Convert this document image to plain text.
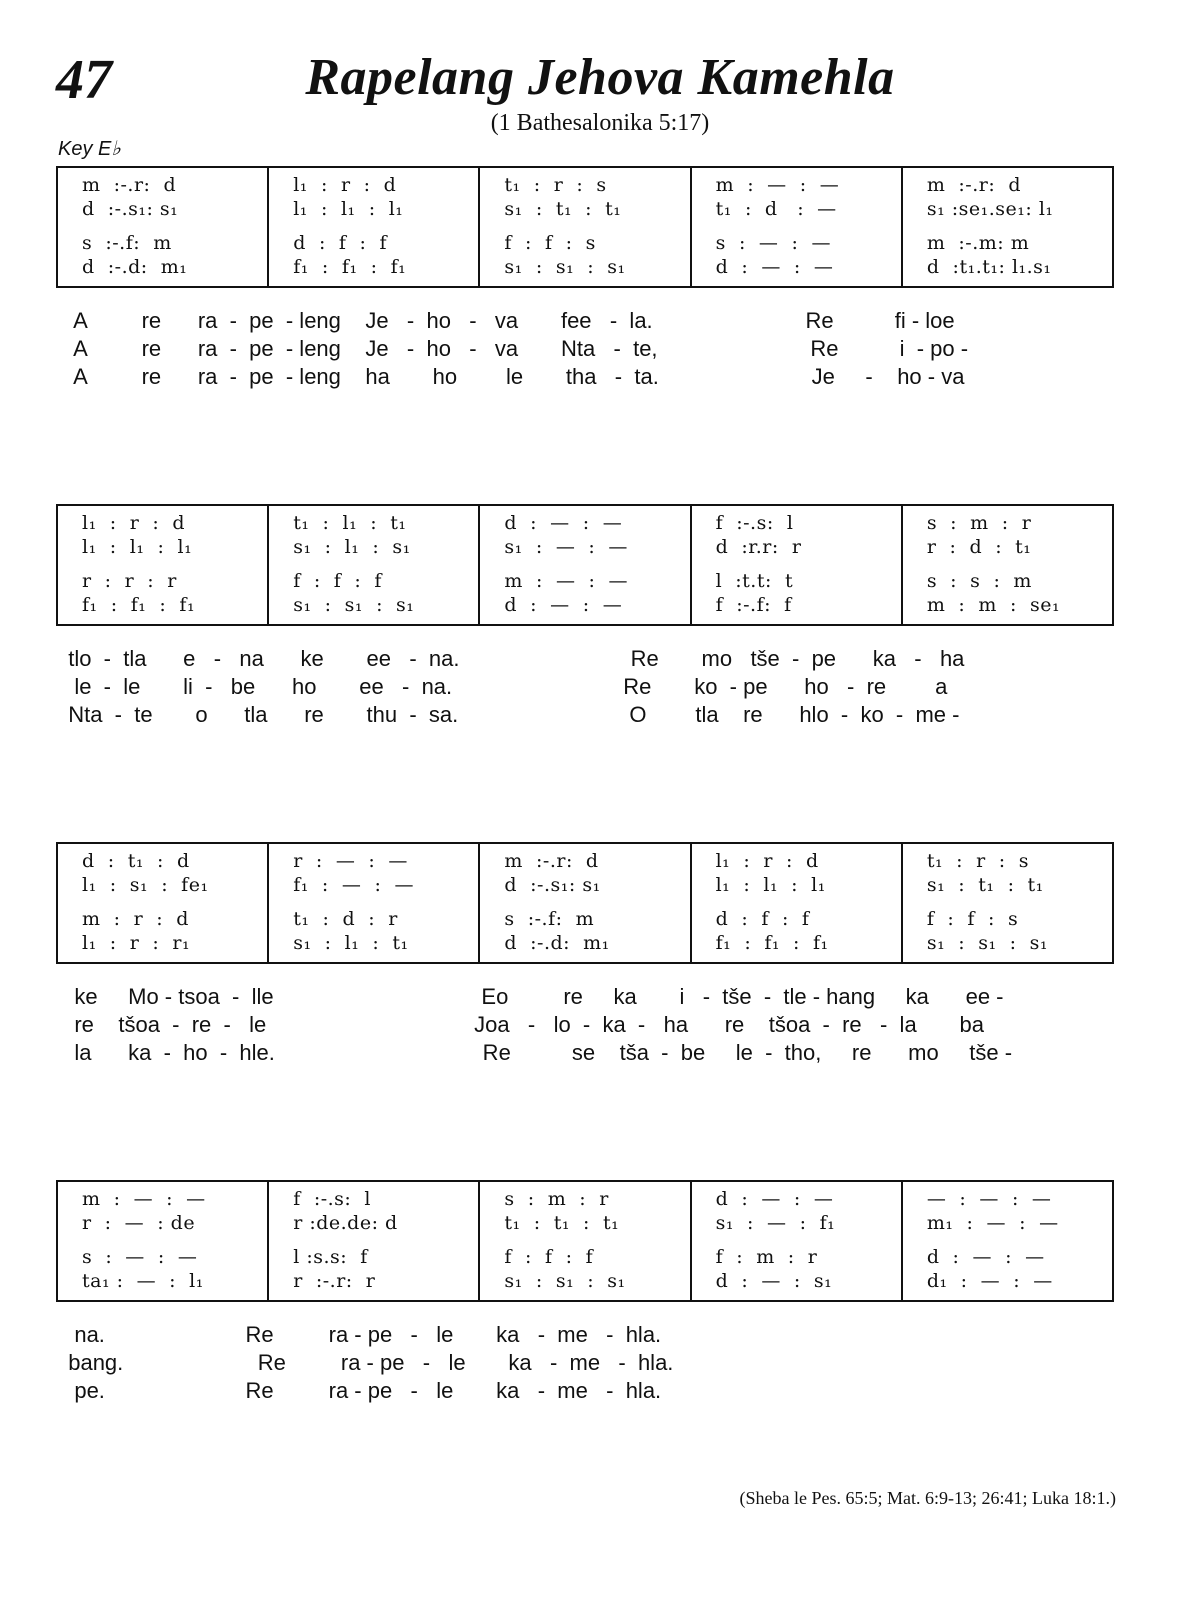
47	Rapelang Jehova Kamehla
(1 Bathesalonika 5:17)
Key E♭
m  :-.r:  d
d  :-.s₁: s₁
s  :-.f:  m
d  :-.d:  m₁
l₁  :  r  :  d
l₁  :  l₁  :  l₁
d  :  f  :  f
f₁  :  f₁  :  f₁
t₁  :  r  :  s
s₁  :  t₁  :  t₁
f  :  f  :  s
s₁  :  s₁  :  s₁
m  :  —  :  —
t₁  :  d   :  —
s  :  —  :  —
d  :  —  :  —
m  :-.r:  d
s₁ :se₁.se₁: l₁
m  :-.m: m
d  :t₁.t₁: l₁.s₁
A         re      ra  -  pe  - leng    Je   -  ho   -   va       fee   -  la.                         Re          fi - loe
A         re      ra  -  pe  - leng    Je   -  ho   -   va       Nta   -  te,                         Re          i  - po -
A         re      ra  -  pe  - leng    ha       ho        le       tha   -  ta.                         Je     -    ho - va
l₁  :  r  :  d
l₁  :  l₁  :  l₁
r  :  r  :  r
f₁  :  f₁  :  f₁
t₁  :  l₁  :  t₁
s₁  :  l₁  :  s₁
f  :  f  :  f
s₁  :  s₁  :  s₁
d  :  —  :  —
s₁  :  —  :  —
m  :  —  :  —
d  :  —  :  —
f  :-.s:  l
d  :r.r:  r
l  :t.t:  t
f  :-.f:  f
s  :  m  :  r
r  :  d  :  t₁
s  :  s  :  m
m  :  m  :  se₁
tlo  -  tla      e   -   na      ke       ee   -  na.                            Re       mo   tše  -  pe      ka   -   ha
le  -  le       li  -   be      ho       ee   -  na.                            Re       ko  - pe      ho   -  re        a
Nta  -  te       o      tla      re       thu  -  sa.                            O        tla    re      hlo  -  ko  -  me -
d  :  t₁  :  d
l₁  :  s₁  :  fe₁
m  :  r  :  d
l₁  :  r  :  r₁
r  :  —  :  —
f₁  :  —  :  —
t₁  :  d  :  r
s₁  :  l₁  :  t₁
m  :-.r:  d
d  :-.s₁: s₁
s  :-.f:  m
d  :-.d:  m₁
l₁  :  r  :  d
l₁  :  l₁  :  l₁
d  :  f  :  f
f₁  :  f₁  :  f₁
t₁  :  r  :  s
s₁  :  t₁  :  t₁
f  :  f  :  s
s₁  :  s₁  :  s₁
ke     Mo - tsoa  -  lle                                  Eo         re     ka       i   -  tše  -  tle - hang     ka      ee -
re    tšoa  -  re  -   le                                  Joa   -   lo  -  ka  -   ha      re    tšoa  -  re   -  la       ba
la      ka  -  ho  -  hle.                                  Re          se    tša  -  be     le  -  tho,     re      mo     tše -
m  :  —  :  —
r  :  —  : de
s  :  —  :  —
ta₁ :  —  :  l₁
f  :-.s:  l
r :de.de: d
l :s.s:  f
r  :-.r:  r
s  :  m  :  r
t₁  :  t₁  :  t₁
f  :  f  :  f
s₁  :  s₁  :  s₁
d  :  —  :  —
s₁  :  —  :  f₁
f  :  m  :  r
d  :  —  :  s₁
—  :  —  :  —
m₁  :  —  :  —
d  :  —  :  —
d₁  :  —  :  —
na.                       Re         ra - pe   -   le       ka   -  me   -  hla.
bang.                      Re         ra - pe   -   le       ka   -  me   -  hla.
pe.                       Re         ra - pe   -   le       ka   -  me   -  hla.
(Sheba le Pes. 65:5; Mat. 6:9-13; 26:41; Luka 18:1.)
